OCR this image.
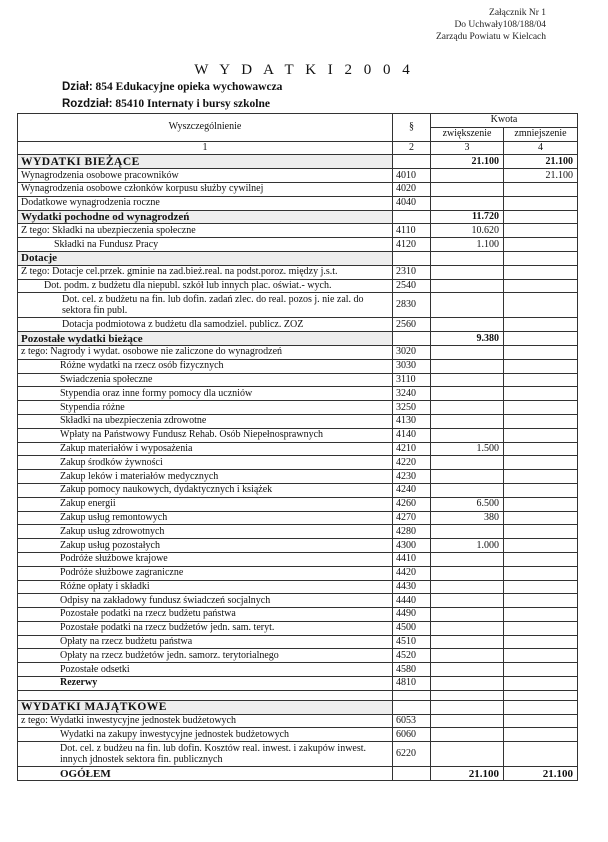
Załącznik Nr 1
Do Uchwały108/188/04
Zarządu Powiatu w Kielcach
W Y D A T K I 2 0 0 4
Dział: 854 Edukacyjne opieka wychowawcza
Rozdział: 85410 Internaty i bursy szkolne
Wyszczególnienie	§	Kwota	
		zwiększenie	zmniejszenie
1	2	3	4
WYDATKI BIEŻĄCE		21.100	21.100
Wynagrodzenia osobowe pracowników	4010		21.100
Wynagrodzenia osobowe członków korpusu służby cywilnej	4020		
Dodatkowe wynagrodzenia roczne	4040		
Wydatki pochodne od wynagrodzeń		11.720	
Z tego: Składki na ubezpieczenia społeczne	4110	10.620	
Składki na Fundusz Pracy	4120	1.100	
Dotacje			
Z tego: Dotacje cel.przek. gminie na zad.bież.real. na podst.poroz. między j.s.t.	2310		
Dot. podm. z budżetu dla niepubl. szkół lub innych plac. oświat.- wych.	2540		
Dot. cel. z budżetu na fin. lub dofin. zadań zlec. do real. pozos j. nie zal. do sektora fin publ.	2830		
Dotacja podmiotowa z budżetu dla samodziel. publicz. ZOZ	2560		
Pozostałe wydatki bieżące		9.380	
z tego: Nagrody i wydat. osobowe nie zaliczone do wynagrodzeń	3020		
Różne wydatki na rzecz osób fizycznych	3030		
Świadczenia społeczne	3110		
Stypendia oraz inne formy pomocy dla uczniów	3240		
Stypendia różne	3250		
Składki na ubezpieczenia zdrowotne	4130		
Wpłaty na Państwowy Fundusz Rehab. Osób Niepełnosprawnych	4140		
Zakup materiałów i wyposażenia	4210	1.500	
Zakup środków żywności	4220		
Zakup leków i materiałów medycznych	4230		
Zakup pomocy naukowych, dydaktycznych i książek	4240		
Zakup energii	4260	6.500	
Zakup usług remontowych	4270	380	
Zakup usług zdrowotnych	4280		
Zakup usług pozostałych	4300	1.000	
Podróże służbowe krajowe	4410		
Podróże służbowe zagraniczne	4420		
Różne opłaty i składki	4430		
Odpisy na zakładowy fundusz świadczeń socjalnych	4440		
Pozostałe podatki na rzecz budżetu państwa	4490		
Pozostałe podatki na rzecz budżetów jedn. sam. teryt.	4500		
Opłaty na rzecz budżetu państwa	4510		
Opłaty na rzecz budżetów jedn. samorz. terytorialnego	4520		
Pozostałe odsetki	4580		
Rezerwy	4810		

WYDATKI MAJĄTKOWE			
z tego: Wydatki inwestycyjne jednostek budżetowych	6053		
Wydatki na zakupy inwestycyjne jednostek budżetowych	6060		
Dot. cel. z budżeu na fin. lub dofin. Kosztów real. inwest. i zakupów inwest. innych jdnostek sektora fin. publicznych	6220		
OGÓŁEM		21.100	21.100
